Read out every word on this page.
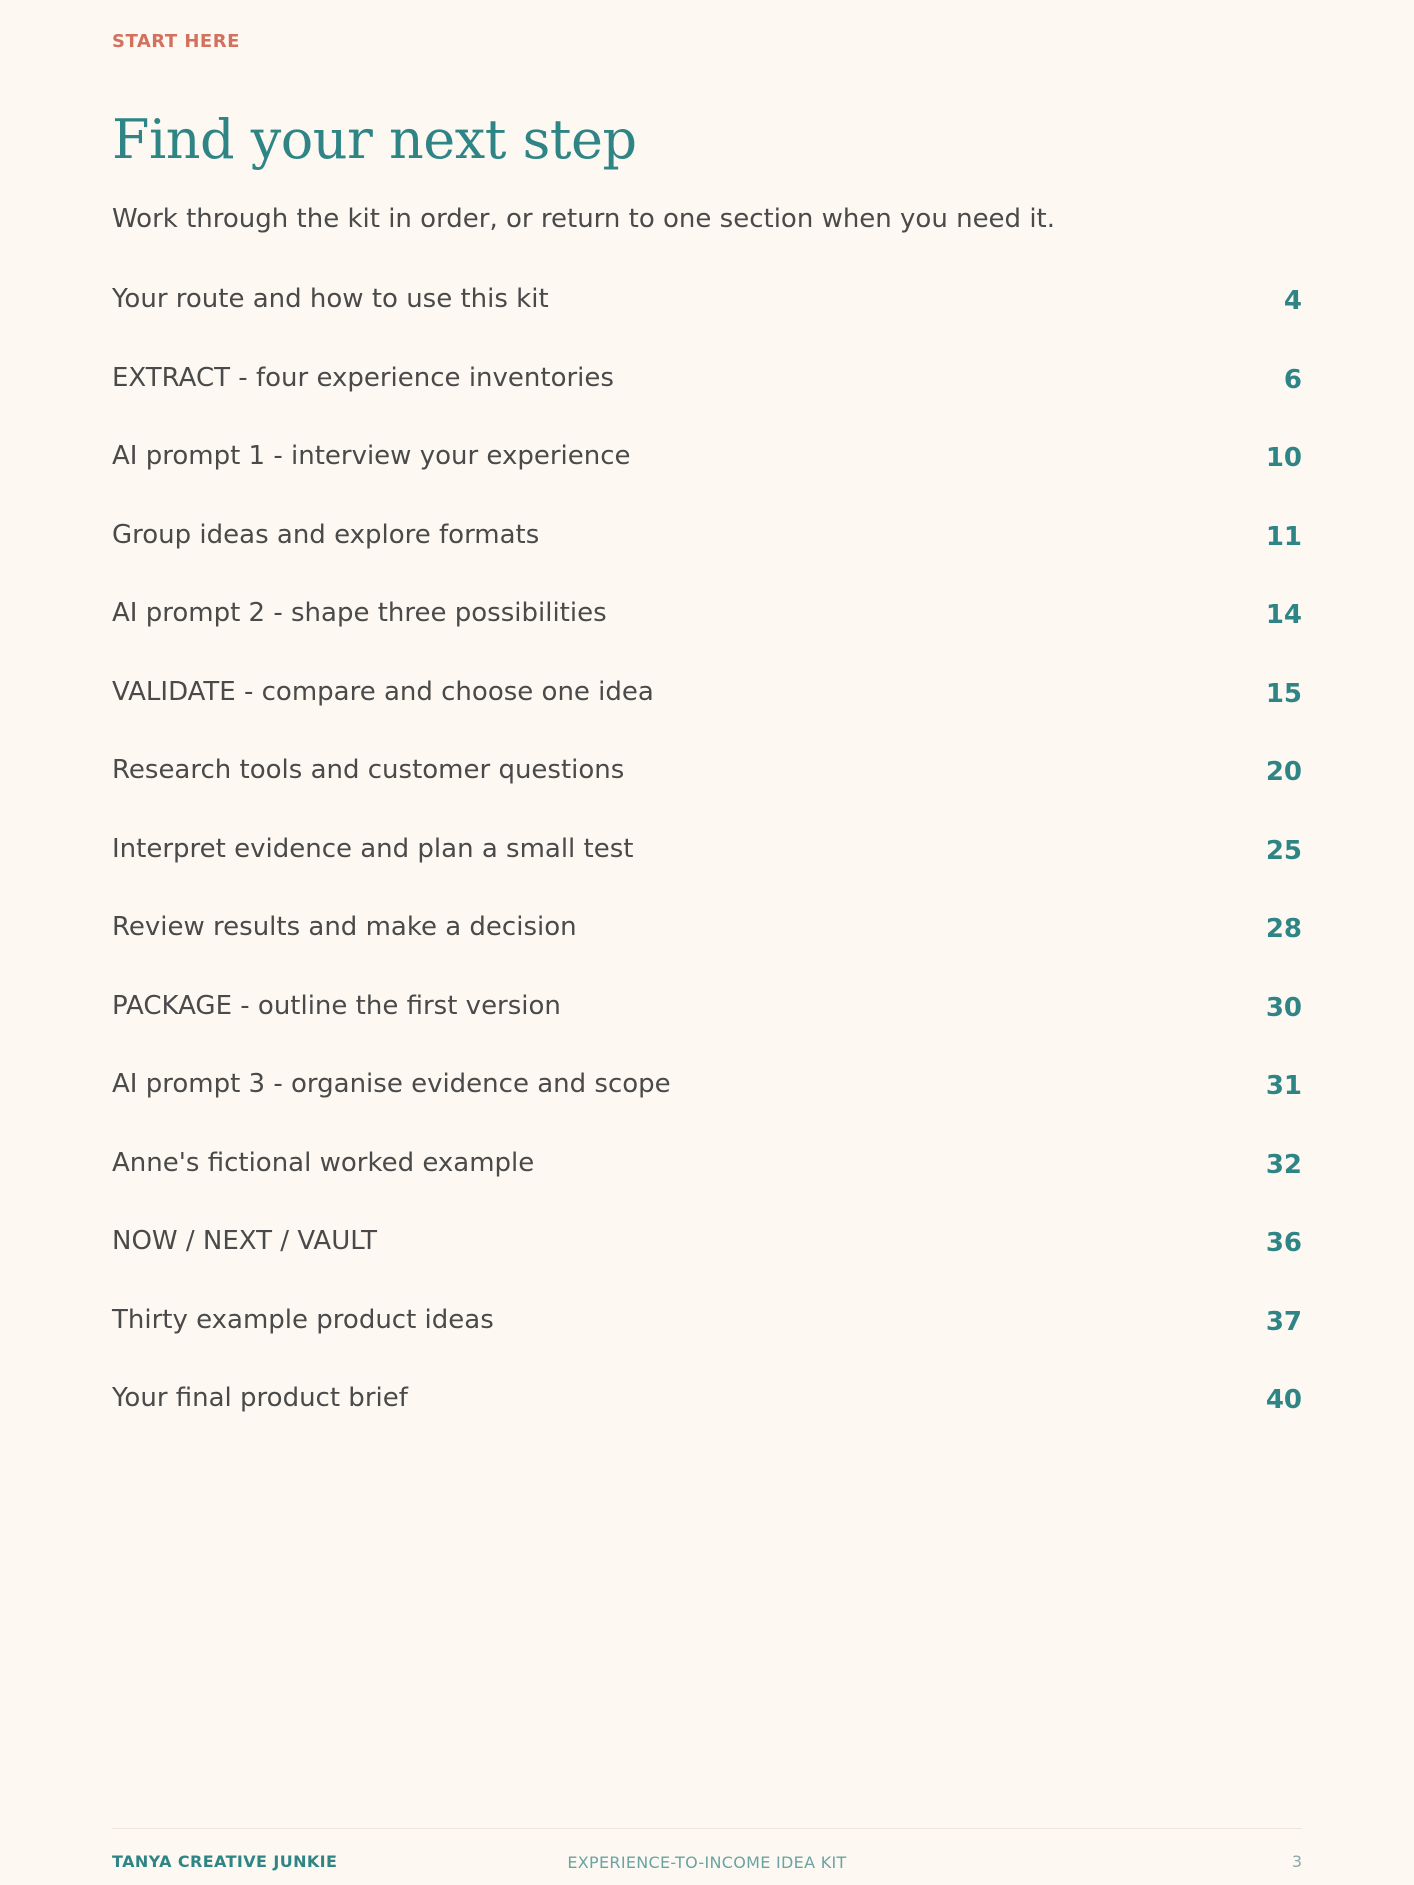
START HERE
Find your next step
Work through the kit in order, or return to one section when you need it.
Your route and how to use this kit	4
EXTRACT - four experience inventories	6
AI prompt 1 - interview your experience	10
Group ideas and explore formats	11
AI prompt 2 - shape three possibilities	14
VALIDATE - compare and choose one idea	15
Research tools and customer questions	20
Interpret evidence and plan a small test	25
Review results and make a decision	28
PACKAGE - outline the first version	30
AI prompt 3 - organise evidence and scope	31
Anne's fictional worked example	32
NOW / NEXT / VAULT	36
Thirty example product ideas	37
Your final product brief	40
TANYA CREATIVE JUNKIE	EXPERIENCE-TO-INCOME IDEA KIT	3
